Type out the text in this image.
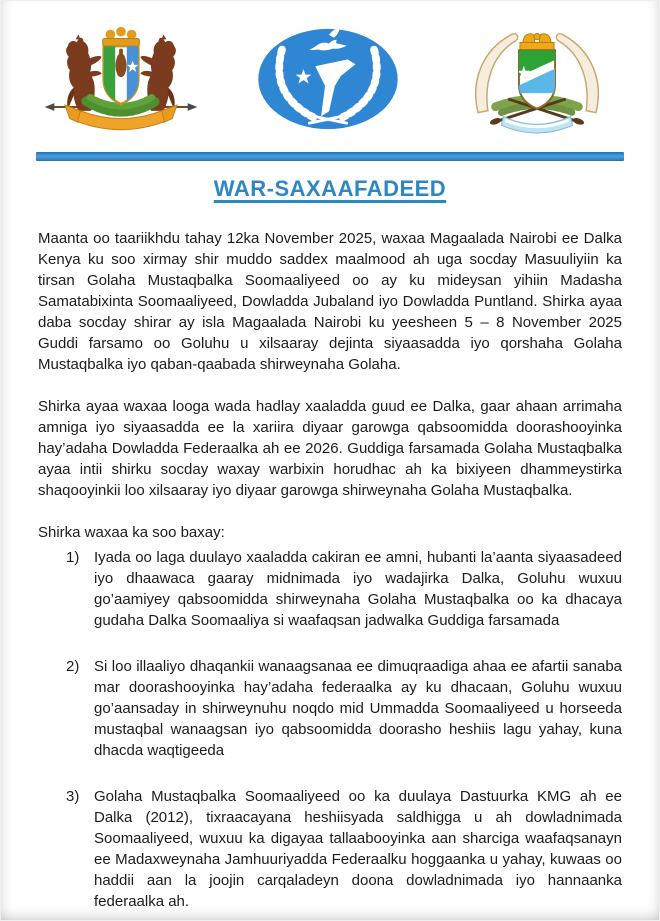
WAR-SAXAAFADEED

Maanta oo taariikhdu tahay 12ka November 2025, waxaa Magaalada Nairobi ee Dalka Kenya ku soo xirmay shir muddo saddex maalmood ah uga socday Masuuliyiin ka tirsan Golaha Mustaqbalka Soomaaliyeed oo ay ku mideysan yihiin Madasha Samatabixinta Soomaaliyeed, Dowladda Jubaland iyo Dowladda Puntland. Shirka ayaa daba socday shirar ay isla Magaalada Nairobi ku yeesheen 5 – 8 November 2025 Guddi farsamo oo Goluhu u xilsaaray dejinta siyaasadda iyo qorshaha Golaha Mustaqbalka iyo qaban-qaabada shirweynaha Golaha.

Shirka ayaa waxaa looga wada hadlay xaaladda guud ee Dalka, gaar ahaan arrimaha amniga iyo siyaasadda ee la xariira diyaar garowga qabsoomidda doorashooyinka hay’adaha Dowladda Federaalka ah ee 2026. Guddiga farsamada Golaha Mustaqbalka ayaa intii shirku socday waxay warbixin horudhac ah ka bixiyeen dhammeystirka shaqooyinkii loo xilsaaray iyo diyaar garowga shirweynaha Golaha Mustaqbalka.

Shirka waxaa ka soo baxay:

1) Iyada oo laga duulayo xaaladda cakiran ee amni, hubanti la’aanta siyaasadeed iyo dhaawaca gaaray midnimada iyo wadajirka Dalka, Goluhu wuxuu go’aamiyey qabsoomidda shirweynaha Golaha Mustaqbalka oo ka dhacaya gudaha Dalka Soomaaliya si waafaqsan jadwalka Guddiga farsamada
2) Si loo illaaliyo dhaqankii wanaagsanaa ee dimuqraadiga ahaa ee afartii sanaba mar doorashooyinka hay’adaha federaalka ay ku dhacaan, Goluhu wuxuu go’aansaday in shirweynuhu noqdo mid Ummadda Soomaaliyeed u horseeda mustaqbal wanaagsan iyo qabsoomidda doorasho heshiis lagu yahay, kuna dhacda waqtigeeda
3) Golaha Mustaqbalka Soomaaliyeed oo ka duulaya Dastuurka KMG ah ee Dalka (2012), tixraacayana heshiisyada saldhigga u ah dowladnimada Soomaaliyeed, wuxuu ka digayaa tallaabooyinka aan sharciga waafaqsanayn ee Madaxweynaha Jamhuuriyadda Federaalku hoggaanka u yahay, kuwaas oo haddii aan la joojin carqaladeyn doona dowladnimada iyo hannaanka federaalka ah.
